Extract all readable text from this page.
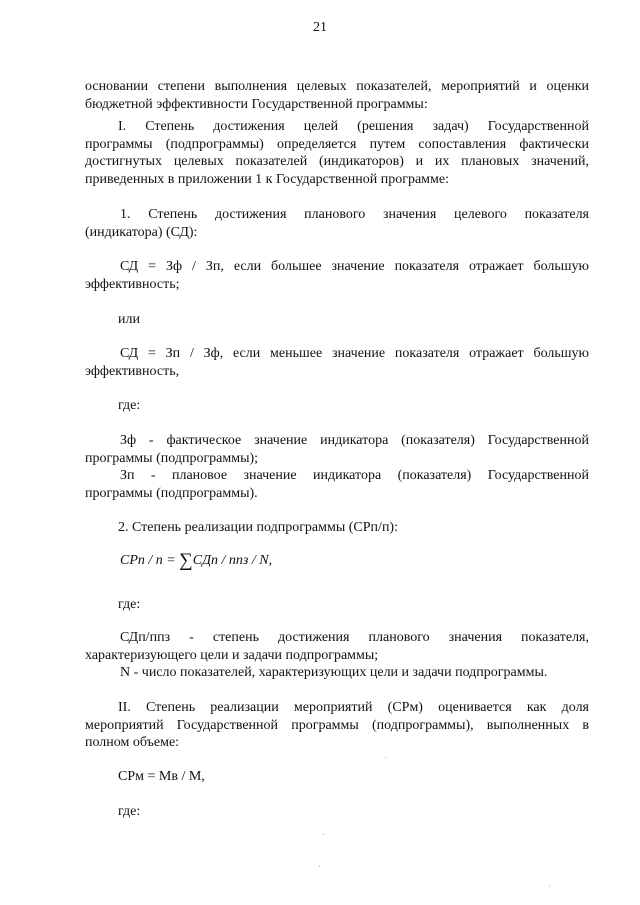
21
основании степени выполнения целевых показателей, мероприятий и оценки
бюджетной эффективности Государственной программы:
I. Степень достижения целей (решения задач) Государственной
программы (подпрограммы) определяется путем сопоставления фактически
достигнутых целевых показателей (индикаторов) и их плановых значений,
приведенных в приложении 1 к Государственной программе:
1. Степень достижения планового значения целевого показателя
(индикатора) (СД):
СД = Зф / Зп, если большее значение показателя отражает большую
эффективность;
или
СД = Зп / Зф, если меньшее значение показателя отражает большую
эффективность,
где:
Зф - фактическое значение индикатора (показателя) Государственной
программы (подпрограммы);
Зп - плановое значение индикатора (показателя) Государственной
программы (подпрограммы).
2. Степень реализации подпрограммы (СРп/п):
СРп / п = ∑СДп / ппз / N,
где:
СДп/ппз - степень достижения планового значения показателя,
характеризующего цели и задачи подпрограммы;
N - число показателей, характеризующих цели и задачи подпрограммы.
II. Степень реализации мероприятий (СРм) оценивается как доля
мероприятий Государственной программы (подпрограммы), выполненных в
полном объеме:
СРм = Мв / М,
где:
ˈ
·
·
ˈ
